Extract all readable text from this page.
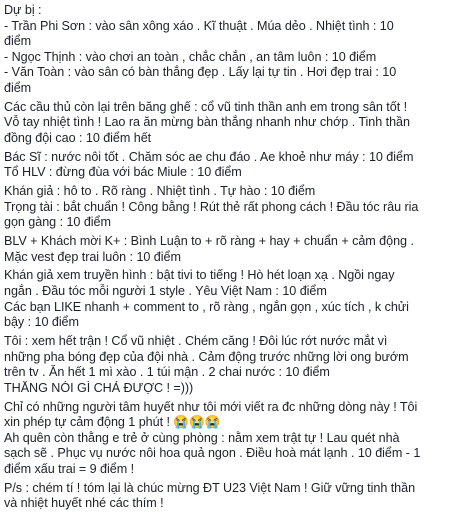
Dự bị :
- Trần Phi Sơn : vào sân xông xáo . Kĩ thuật . Múa dẻo . Nhiệt tình : 10
điểm
- Ngọc Thịnh : vào chơi an toàn , chắc chắn , an tâm luôn : 10 điểm
- Văn Toàn : vào sân có bàn thắng đẹp . Lấy lại tự tin . Hơi đẹp trai : 10
điểm
Các cầu thủ còn lại trên băng ghế : cổ vũ tinh thần anh em trong sân tốt !
Vỗ tay nhiệt tình ! Lao ra ăn mừng bàn thắng nhanh như chớp . Tinh thần
đồng đội cao : 10 điểm hết
Bác Sĩ : nước nôi tốt . Chăm sóc ae chu đáo . Ae khoẻ như máy : 10 điểm
Tổ HLV : đừng đùa với bác Miule : 10 điểm
Khán giả : hô to . Rõ ràng . Nhiệt tình . Tự hào : 10 điểm
Trọng tài : bắt chuẩn ! Công bằng ! Rút thẻ rất phong cách ! Đầu tóc râu ria
gọn gàng : 10 điểm
BLV + Khách mời K+ : Bình Luận to + rõ ràng + hay + chuẩn + cảm động .
Mặc vest đẹp trai luôn : 10 điểm
Khán giả xem truyền hình : bật tivi to tiếng ! Hò hét loạn xạ . Ngồi ngay
ngắn . Đầu tóc mỗi người 1 style . Yêu Việt Nam : 10 điểm
Các bạn LIKE nhanh + comment to , rõ ràng , ngắn gọn , xúc tích , k chửi
bậy : 10 điểm
Tôi : xem hết trận ! Cổ vũ nhiệt . Chém căng ! Đôi lúc rớt nước mắt vì
những pha bóng đẹp của đội nhà . Cảm động trước những lời ong bướm
trên tv . Ăn hết 1 mì xào . 1 túi mận . 2 chai nước : 10 điểm
THẮNG NÓI GÌ CHẢ ĐƯỢC ! =)))
Chỉ có những người tâm huyết như tôi mới viết ra đc những dòng này ! Tôi
xin phép tự cảm động 1 phút ! 😭😭😭
Ah quên còn thằng e trẻ ở cùng phòng : nằm xem trật tự ! Lau quét nhà
sạch sẽ . Phục vụ nước nôi hoa quả ngon . Điều hoà mát lạnh . 10 điểm - 1
điểm xấu trai = 9 điểm !
P/s : chém tí ! tóm lại là chúc mừng ĐT U23 Việt Nam ! Giữ vững tinh thần
và nhiệt huyết nhé các thím !
